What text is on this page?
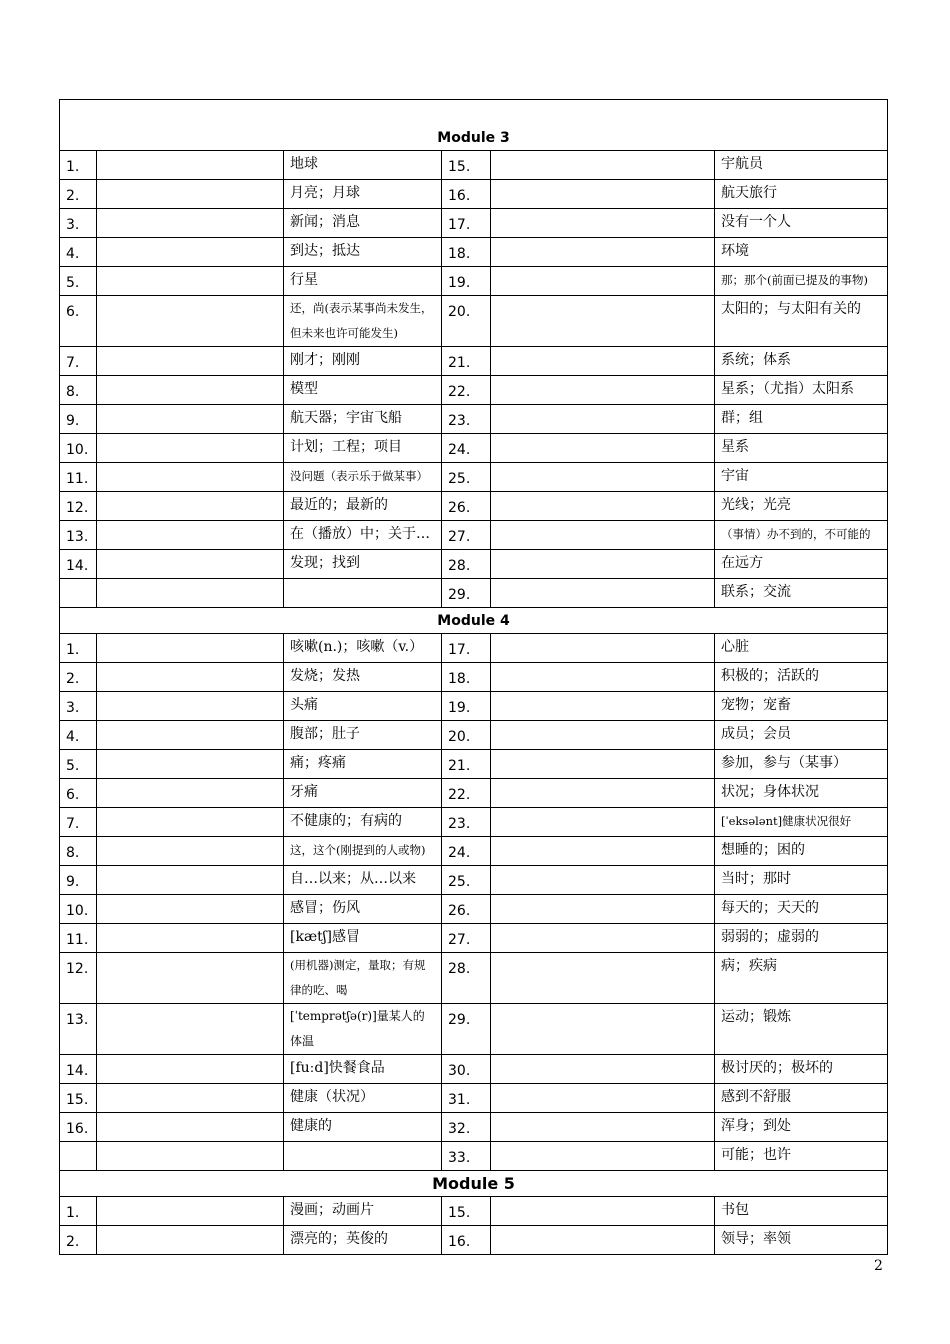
Module 3					
1.		地球	15.		宇航员
2.		月亮；月球	16.		航天旅行
3.		新闻；消息	17.		没有一个人
4.		到达；抵达	18.		环境
5.		行星	19.		那；那个(前面已提及的事物)
6.		还，尚(表示某事尚未发生，但未来也许可能发生)	20.		太阳的；与太阳有关的
7.		刚才；刚刚	21.		系统；体系
8.		模型	22.		星系；（尤指）太阳系
9.		航天器；宇宙飞船	23.		群；组
10.		计划；工程；项目	24.		星系
11.		没问题（表示乐于做某事）	25.		宇宙
12.		最近的；最新的	26.		光线；光亮
13.		在（播放）中；关于…	27.		（事情）办不到的，不可能的
14.		发现；找到	28.		在远方
			29.		联系；交流
Module 4					
1.		咳嗽(n.)；咳嗽（v.）	17.		心脏
2.		发烧；发热	18.		积极的；活跃的
3.		头痛	19.		宠物；宠畜
4.		腹部；肚子	20.		成员；会员
5.		痛；疼痛	21.		参加，参与（某事）
6.		牙痛	22.		状况；身体状况
7.		不健康的；有病的	23.		[ˈeksələnt]健康状况很好
8.		这，这个(刚提到的人或物)	24.		想睡的；困的
9.		自…以来；从…以来	25.		当时；那时
10.		感冒；伤风	26.		每天的；天天的
11.		[kætʃ]感冒	27.		弱弱的；虚弱的
12.		(用机器)测定，量取；有规律的吃、喝	28.		病；疾病
13.		[ˈtemprətʃə(r)]量某人的体温	29.		运动；锻炼
14.		[fuːd]快餐食品	30.		极讨厌的；极坏的
15.		健康（状况）	31.		感到不舒服
16.		健康的	32.		浑身；到处
			33.		可能；也许
Module 5					
1.		漫画；动画片	15.		书包
2.		漂亮的；英俊的	16.		领导；率领
2
